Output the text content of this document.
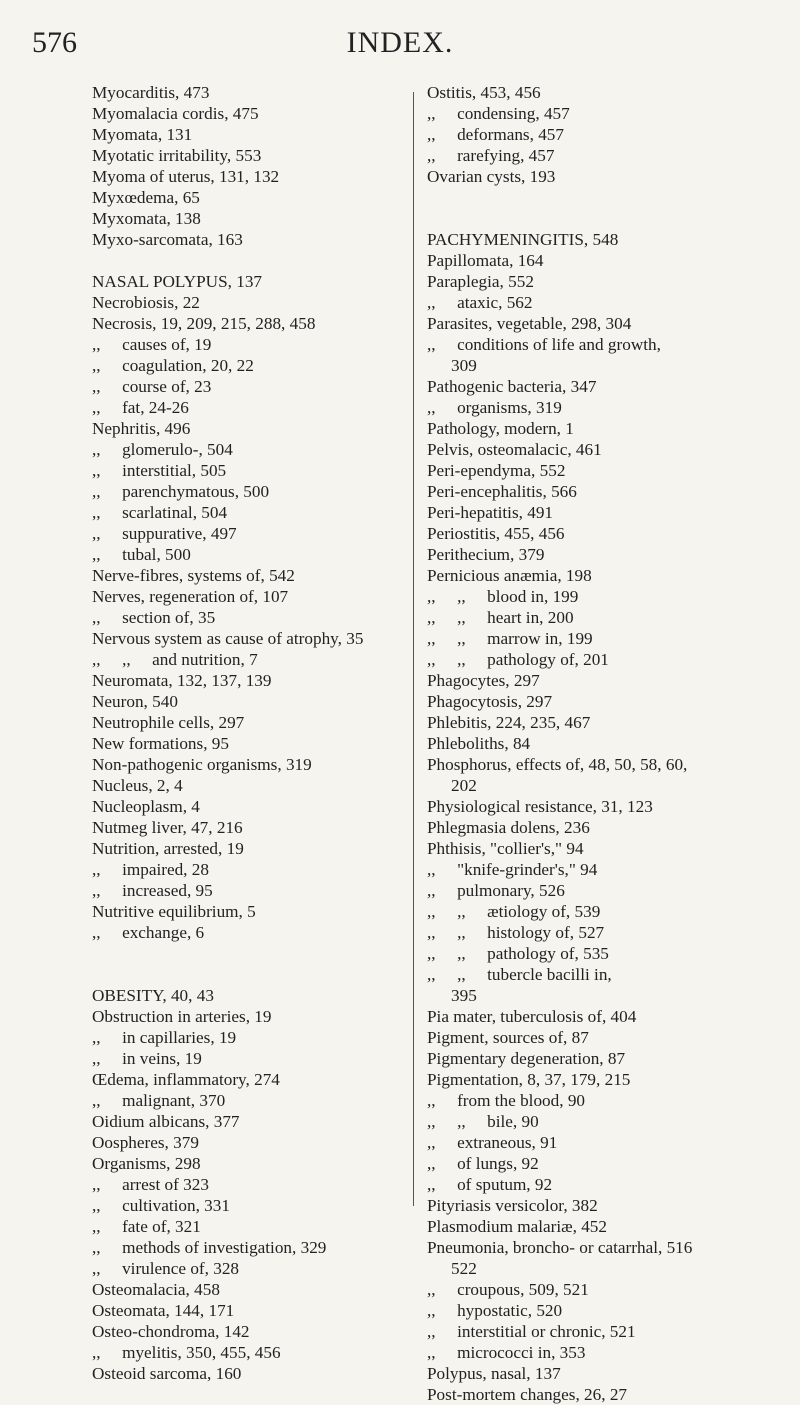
576	INDEX.
Myocarditis, 473
Myomalacia cordis, 475
Myomata, 131
Myotatic irritability, 553
Myoma of uterus, 131, 132
Myxœdema, 65
Myxomata, 138
Myxo-sarcomata, 163
NASAL POLYPUS, 137
Necrobiosis, 22
Necrosis, 19, 209, 215, 288, 458
,,     causes of, 19
,,     coagulation, 20, 22
,,     course of, 23
,,     fat, 24-26
Nephritis, 496
,,     glomerulo-, 504
,,     interstitial, 505
,,     parenchymatous, 500
,,     scarlatinal, 504
,,     suppurative, 497
,,     tubal, 500
Nerve-fibres, systems of, 542
Nerves, regeneration of, 107
,,     section of, 35
Nervous system as cause of atrophy, 35
,,     ,,     and nutrition, 7
Neuromata, 132, 137, 139
Neuron, 540
Neutrophile cells, 297
New formations, 95
Non-pathogenic organisms, 319
Nucleus, 2, 4
Nucleoplasm, 4
Nutmeg liver, 47, 216
Nutrition, arrested, 19
,,     impaired, 28
,,     increased, 95
Nutritive equilibrium, 5
,,     exchange, 6
OBESITY, 40, 43
Obstruction in arteries, 19
,,     in capillaries, 19
,,     in veins, 19
Œdema, inflammatory, 274
,,     malignant, 370
Oidium albicans, 377
Oospheres, 379
Organisms, 298
,,     arrest of 323
,,     cultivation, 331
,,     fate of, 321
,,     methods of investigation, 329
,,     virulence of, 328
Osteomalacia, 458
Osteomata, 144, 171
Osteo-chondroma, 142
,,     myelitis, 350, 455, 456
Osteoid sarcoma, 160
Ostitis, 453, 456
,,     condensing, 457
,,     deformans, 457
,,     rarefying, 457
Ovarian cysts, 193
PACHYMENINGITIS, 548
Papillomata, 164
Paraplegia, 552
,,     ataxic, 562
Parasites, vegetable, 298, 304
,,     conditions of life and growth,
309
Pathogenic bacteria, 347
,,     organisms, 319
Pathology, modern, 1
Pelvis, osteomalacic, 461
Peri-ependyma, 552
Peri-encephalitis, 566
Peri-hepatitis, 491
Periostitis, 455, 456
Perithecium, 379
Pernicious anæmia, 198
,,     ,,     blood in, 199
,,     ,,     heart in, 200
,,     ,,     marrow in, 199
,,     ,,     pathology of, 201
Phagocytes, 297
Phagocytosis, 297
Phlebitis, 224, 235, 467
Phleboliths, 84
Phosphorus, effects of, 48, 50, 58, 60,
202
Physiological resistance, 31, 123
Phlegmasia dolens, 236
Phthisis, "collier's," 94
,,     "knife-grinder's," 94
,,     pulmonary, 526
,,     ,,     ætiology of, 539
,,     ,,     histology of, 527
,,     ,,     pathology of, 535
,,     ,,     tubercle bacilli in,
395
Pia mater, tuberculosis of, 404
Pigment, sources of, 87
Pigmentary degeneration, 87
Pigmentation, 8, 37, 179, 215
,,     from the blood, 90
,,     ,,     bile, 90
,,     extraneous, 91
,,     of lungs, 92
,,     of sputum, 92
Pityriasis versicolor, 382
Plasmodium malariæ, 452
Pneumonia, broncho- or catarrhal, 516
522
,,     croupous, 509, 521
,,     hypostatic, 520
,,     interstitial or chronic, 521
,,     micrococci in, 353
Polypus, nasal, 137
Post-mortem changes, 26, 27
